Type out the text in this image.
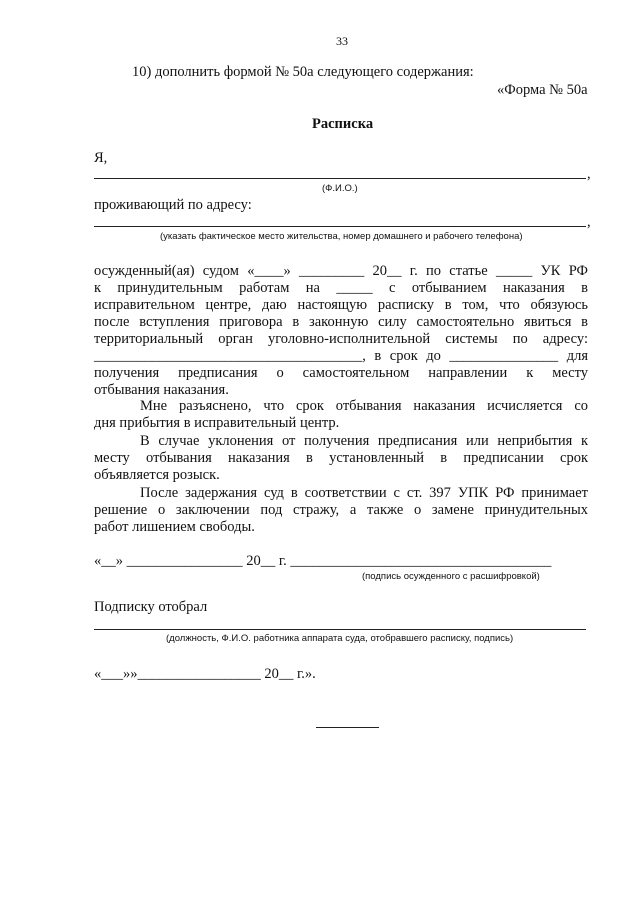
33
10) дополнить формой № 50а следующего содержания:
«Форма № 50а
Расписка
Я,
,
(Ф.И.О.)
проживающий по адресу:
,
(указать фактическое место жительства, номер домашнего и рабочего телефона)
осужденный(ая) судом «____» _________ 20__ г. по статье _____ УК РФ
к принудительным работам на _____ с отбыванием наказания в
исправительном центре, даю настоящую расписку в том, что обязуюсь
после вступления приговора в законную силу самостоятельно явиться в
территориальный орган уголовно-исполнительной системы по адресу:
_____________________________________, в срок до _______________ для
получения предписания о самостоятельном направлении к месту
отбывания наказания.
Мне разъяснено, что срок отбывания наказания исчисляется со
дня прибытия в исправительный центр.
В случае уклонения от получения предписания или неприбытия к
месту отбывания наказания в установленный в предписании срок
объявляется розыск.
После задержания суд в соответствии с ст. 397 УПК РФ принимает
решение о заключении под стражу, а также о замене принудительных
работ лишением свободы.
«__» ________________ 20__ г. ____________________________________
(подпись осужденного с расшифровкой)
Подписку отобрал
(должность, Ф.И.О. работника аппарата суда, отобравшего расписку, подпись)
«___»»_________________ 20__ г.».
